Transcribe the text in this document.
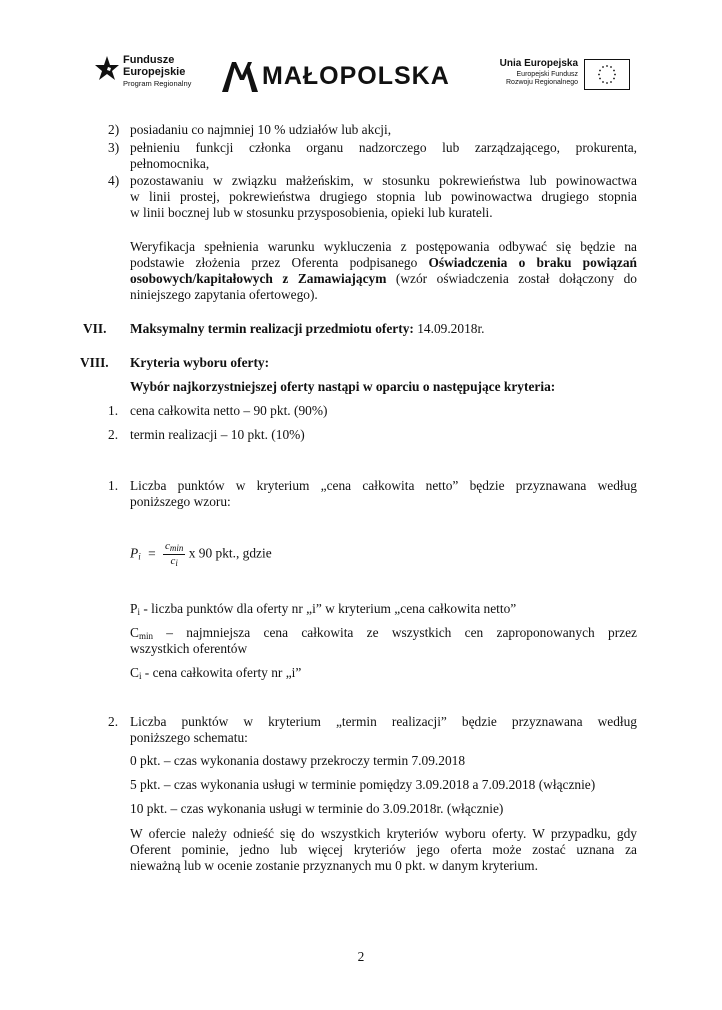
Fundusze
Europejskie
Program Regionalny	MAŁOPOLSKA	Unia Europejska
Europejski Fundusz
Rozwoju Regionalnego
2) posiadaniu co najmniej 10 % udziałów lub akcji,
3) pełnieniu funkcji członka organu nadzorczego lub zarządzającego, prokurenta,
pełnomocnika,
4) pozostawaniu w związku małżeńskim, w stosunku pokrewieństwa lub powinowactwa
w linii prostej, pokrewieństwa drugiego stopnia lub powinowactwa drugiego stopnia
w linii bocznej lub w stosunku przysposobienia, opieki lub kurateli.
Weryfikacja spełnienia warunku wykluczenia z postępowania odbywać się będzie na
podstawie złożenia przez Oferenta podpisanego Oświadczenia o braku powiązań
osobowych/kapitałowych z Zamawiającym (wzór oświadczenia został dołączony do
niniejszego zapytania ofertowego).
VII. Maksymalny termin realizacji przedmiotu oferty: 14.09.2018r.
VIII. Kryteria wyboru oferty:
Wybór najkorzystniejszej oferty nastąpi w oparciu o następujące kryteria:
1. cena całkowita netto – 90 pkt. (90%)
2. termin realizacji – 10 pkt. (10%)
1. Liczba punktów w kryterium „cena całkowita netto” będzie przyznawana według
poniższego wzoru:
$P_i = \frac{c_{min}}{c_i}$ x 90 pkt., gdzie
$P_i$ - liczba punktów dla oferty nr „i” w kryterium „cena całkowita netto”
$C_{min}$ – najmniejsza cena całkowita ze wszystkich cen zaproponowanych przez
wszystkich oferentów
$C_i$ - cena całkowita oferty nr „i”
2. Liczba punktów w kryterium „termin realizacji” będzie przyznawana według
poniższego schematu:
0 pkt. – czas wykonania dostawy przekroczy termin 7.09.2018
5 pkt. – czas wykonania usługi w terminie pomiędzy 3.09.2018 a 7.09.2018 (włącznie)
10 pkt. – czas wykonania usługi w terminie do 3.09.2018r. (włącznie)
W ofercie należy odnieść się do wszystkich kryteriów wyboru oferty. W przypadku, gdy
Oferent pominie, jedno lub więcej kryteriów jego oferta może zostać uznana za
nieważną lub w ocenie zostanie przyznanych mu 0 pkt. w danym kryterium.
2
